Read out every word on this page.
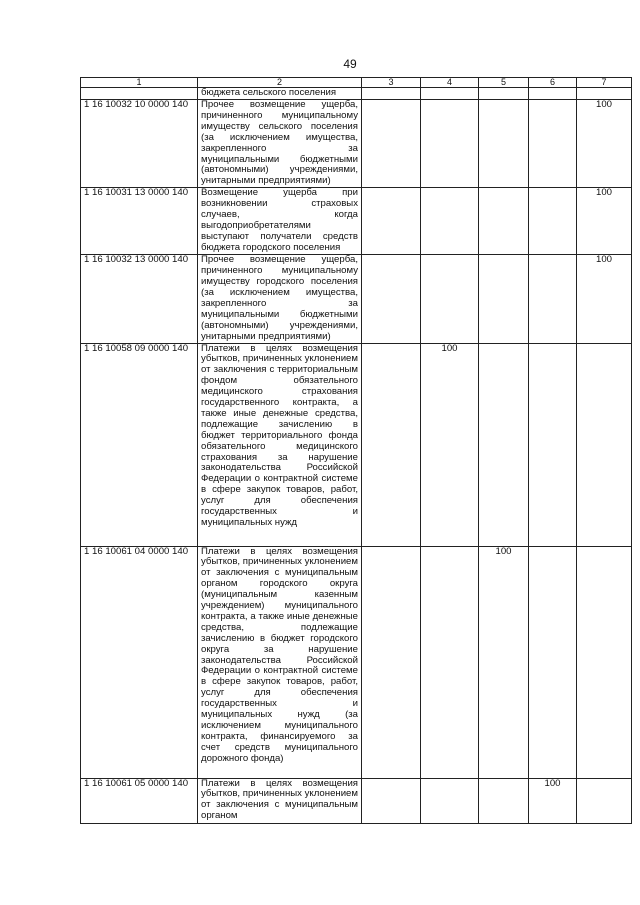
49
1	2	3	4	5	6	7
	бюджета сельского поселения					
1 16 10032 10 0000 140	Прочее возмещение ущерба, причиненного муниципальному имуществу сельского поселения (за исключением имущества, закрепленного за муниципальными бюджетными (автономными) учреждениями, унитарными предприятиями)					100
1 16 10031 13 0000 140	Возмещение ущерба при возникновении страховых случаев, когда выгодоприобретателями выступают получатели средств бюджета городского поселения					100
1 16 10032 13 0000 140	Прочее возмещение ущерба, причиненного муниципальному имуществу городского поселения (за исключением имущества, закрепленного за муниципальными бюджетными (автономными) учреждениями, унитарными предприятиями)					100
1 16 10058 09 0000 140	Платежи в целях возмещения убытков, причиненных уклонением от заключения с территориальным фондом обязательного медицинского страхования государственного контракта, а также иные денежные средства, подлежащие зачислению в бюджет территориального фонда обязательного медицинского страхования за нарушение законодательства Российской Федерации о контрактной системе в сфере закупок товаров, работ, услуг для обеспечения государственных и муниципальных нужд		100			
1 16 10061 04 0000 140	Платежи в целях возмещения убытков, причиненных уклонением от заключения с муниципальным органом городского округа (муниципальным казенным учреждением) муниципального контракта, а также иные денежные средства, подлежащие зачислению в бюджет городского округа за нарушение законодательства Российской Федерации о контрактной системе в сфере закупок товаров, работ, услуг для обеспечения государственных и муниципальных нужд (за исключением муниципального контракта, финансируемого за счет средств муниципального дорожного фонда)			100		
1 16 10061 05 0000 140	Платежи в целях возмещения убытков, причиненных уклонением от заключения с муниципальным органом				100	
